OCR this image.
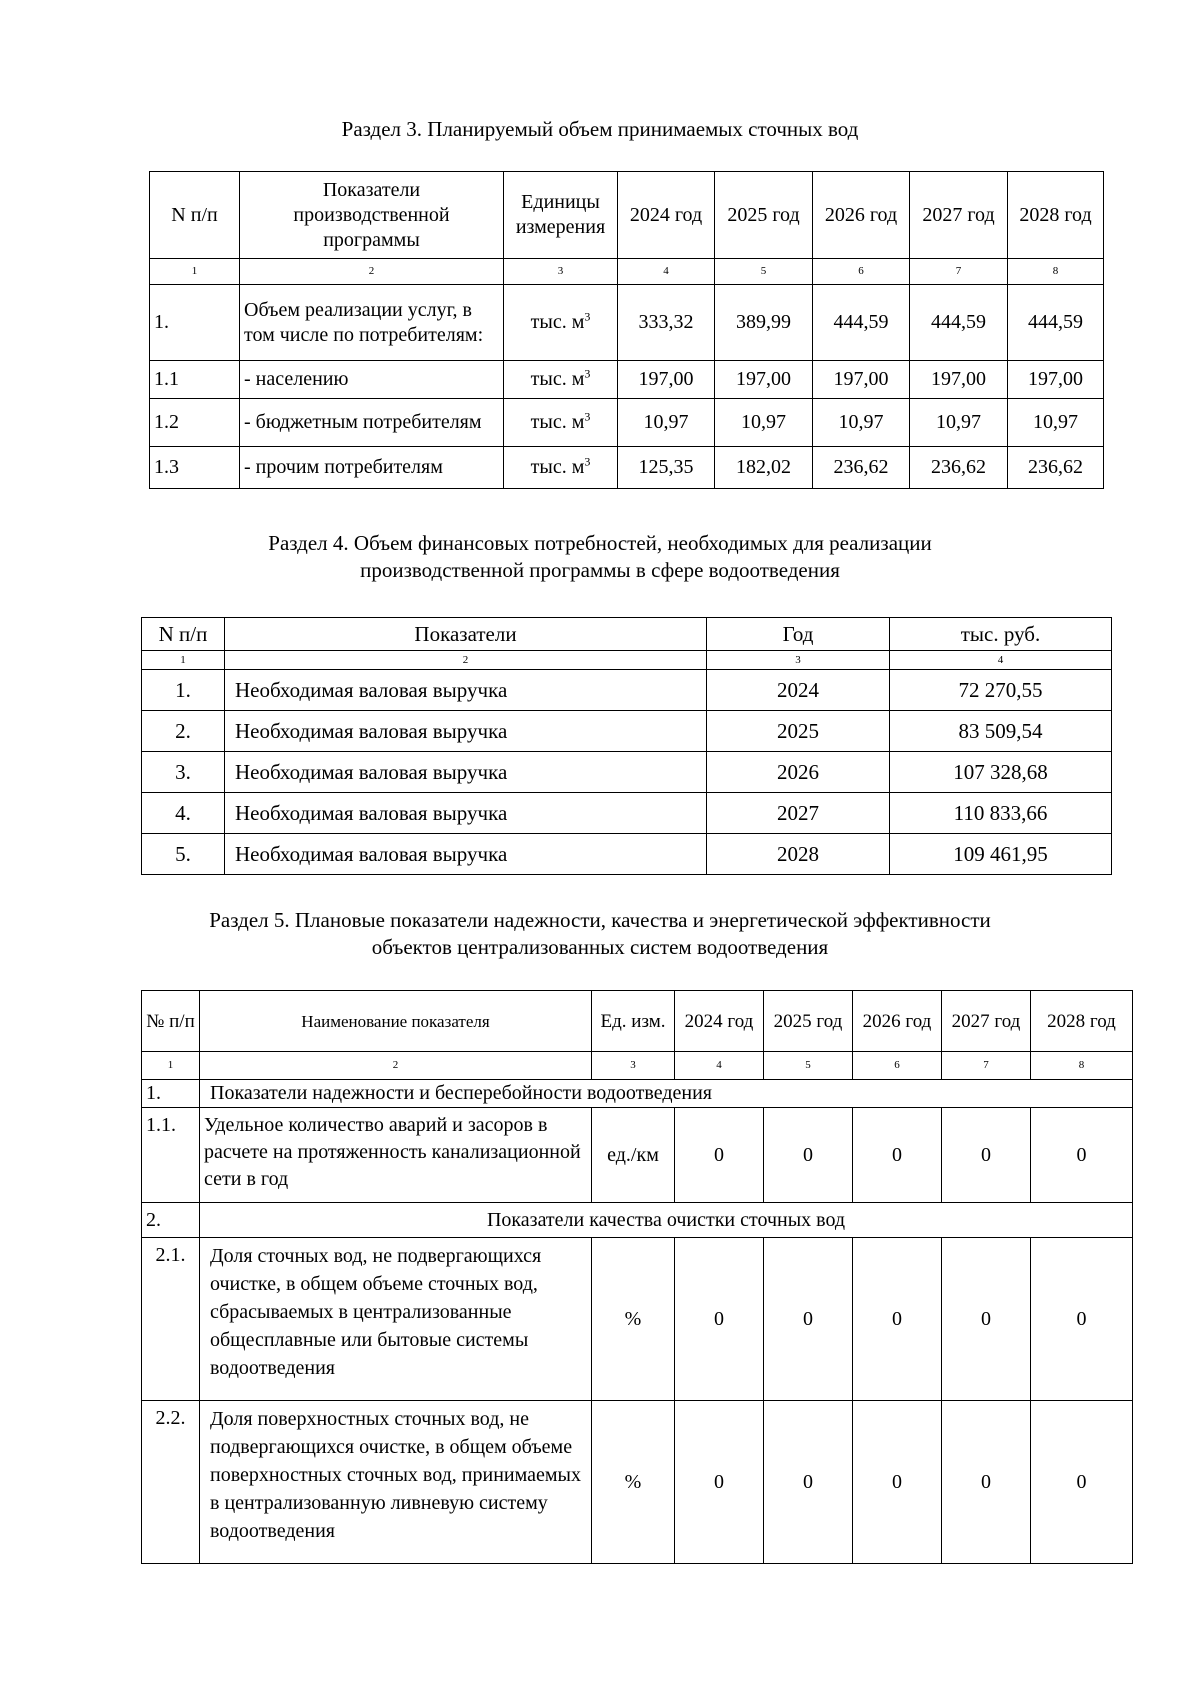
Раздел 3. Планируемый объем принимаемых сточных вод

N п/п	Показатели производственной программы	Единицы измерения	2024 год	2025 год	2026 год	2027 год	2028 год
1	2	3	4	5	6	7	8
1.	Объем реализации услуг, в том числе по потребителям:	тыс. $м^3$	333,32	389,99	444,59	444,59	444,59
1.1	- населению	тыс. $м^3$	197,00	197,00	197,00	197,00	197,00
1.2	- бюджетным потребителям	тыс. $м^3$	10,97	10,97	10,97	10,97	10,97
1.3	- прочим потребителям	тыс. $м^3$	125,35	182,02	236,62	236,62	236,62

Раздел 4. Объем финансовых потребностей, необходимых для реализации

производственной программы в сфере водоотведения

N п/п	Показатели	Год	тыс. руб.
1	2	3	4
1.	Необходимая валовая выручка	2024	72 270,55
2.	Необходимая валовая выручка	2025	83 509,54
3.	Необходимая валовая выручка	2026	107 328,68
4.	Необходимая валовая выручка	2027	110 833,66
5.	Необходимая валовая выручка	2028	109 461,95

Раздел 5. Плановые показатели надежности, качества и энергетической эффективности

объектов централизованных систем водоотведения

№ п/п	Наименование показателя	Ед. изм.	2024 год	2025 год	2026 год	2027 год	2028 год
1	2	3	4	5	6	7	8
1.	Показатели надежности и бесперебойности водоотведения						
1.1.	Удельное количество аварий и засоров в расчете на протяженность канализационной сети в год	ед./км	0	0	0	0	0
2.	Показатели качества очистки сточных вод						
2.1.	Доля сточных вод, не подвергающихся очистке, в общем объеме сточных вод, сбрасываемых в централизованные общесплавные или бытовые системы водоотведения	%	0	0	0	0	0
2.2.	Доля поверхностных сточных вод, не подвергающихся очистке, в общем объеме поверхностных сточных вод, принимаемых в централизованную ливневую систему водоотведения	%	0	0	0	0	0
